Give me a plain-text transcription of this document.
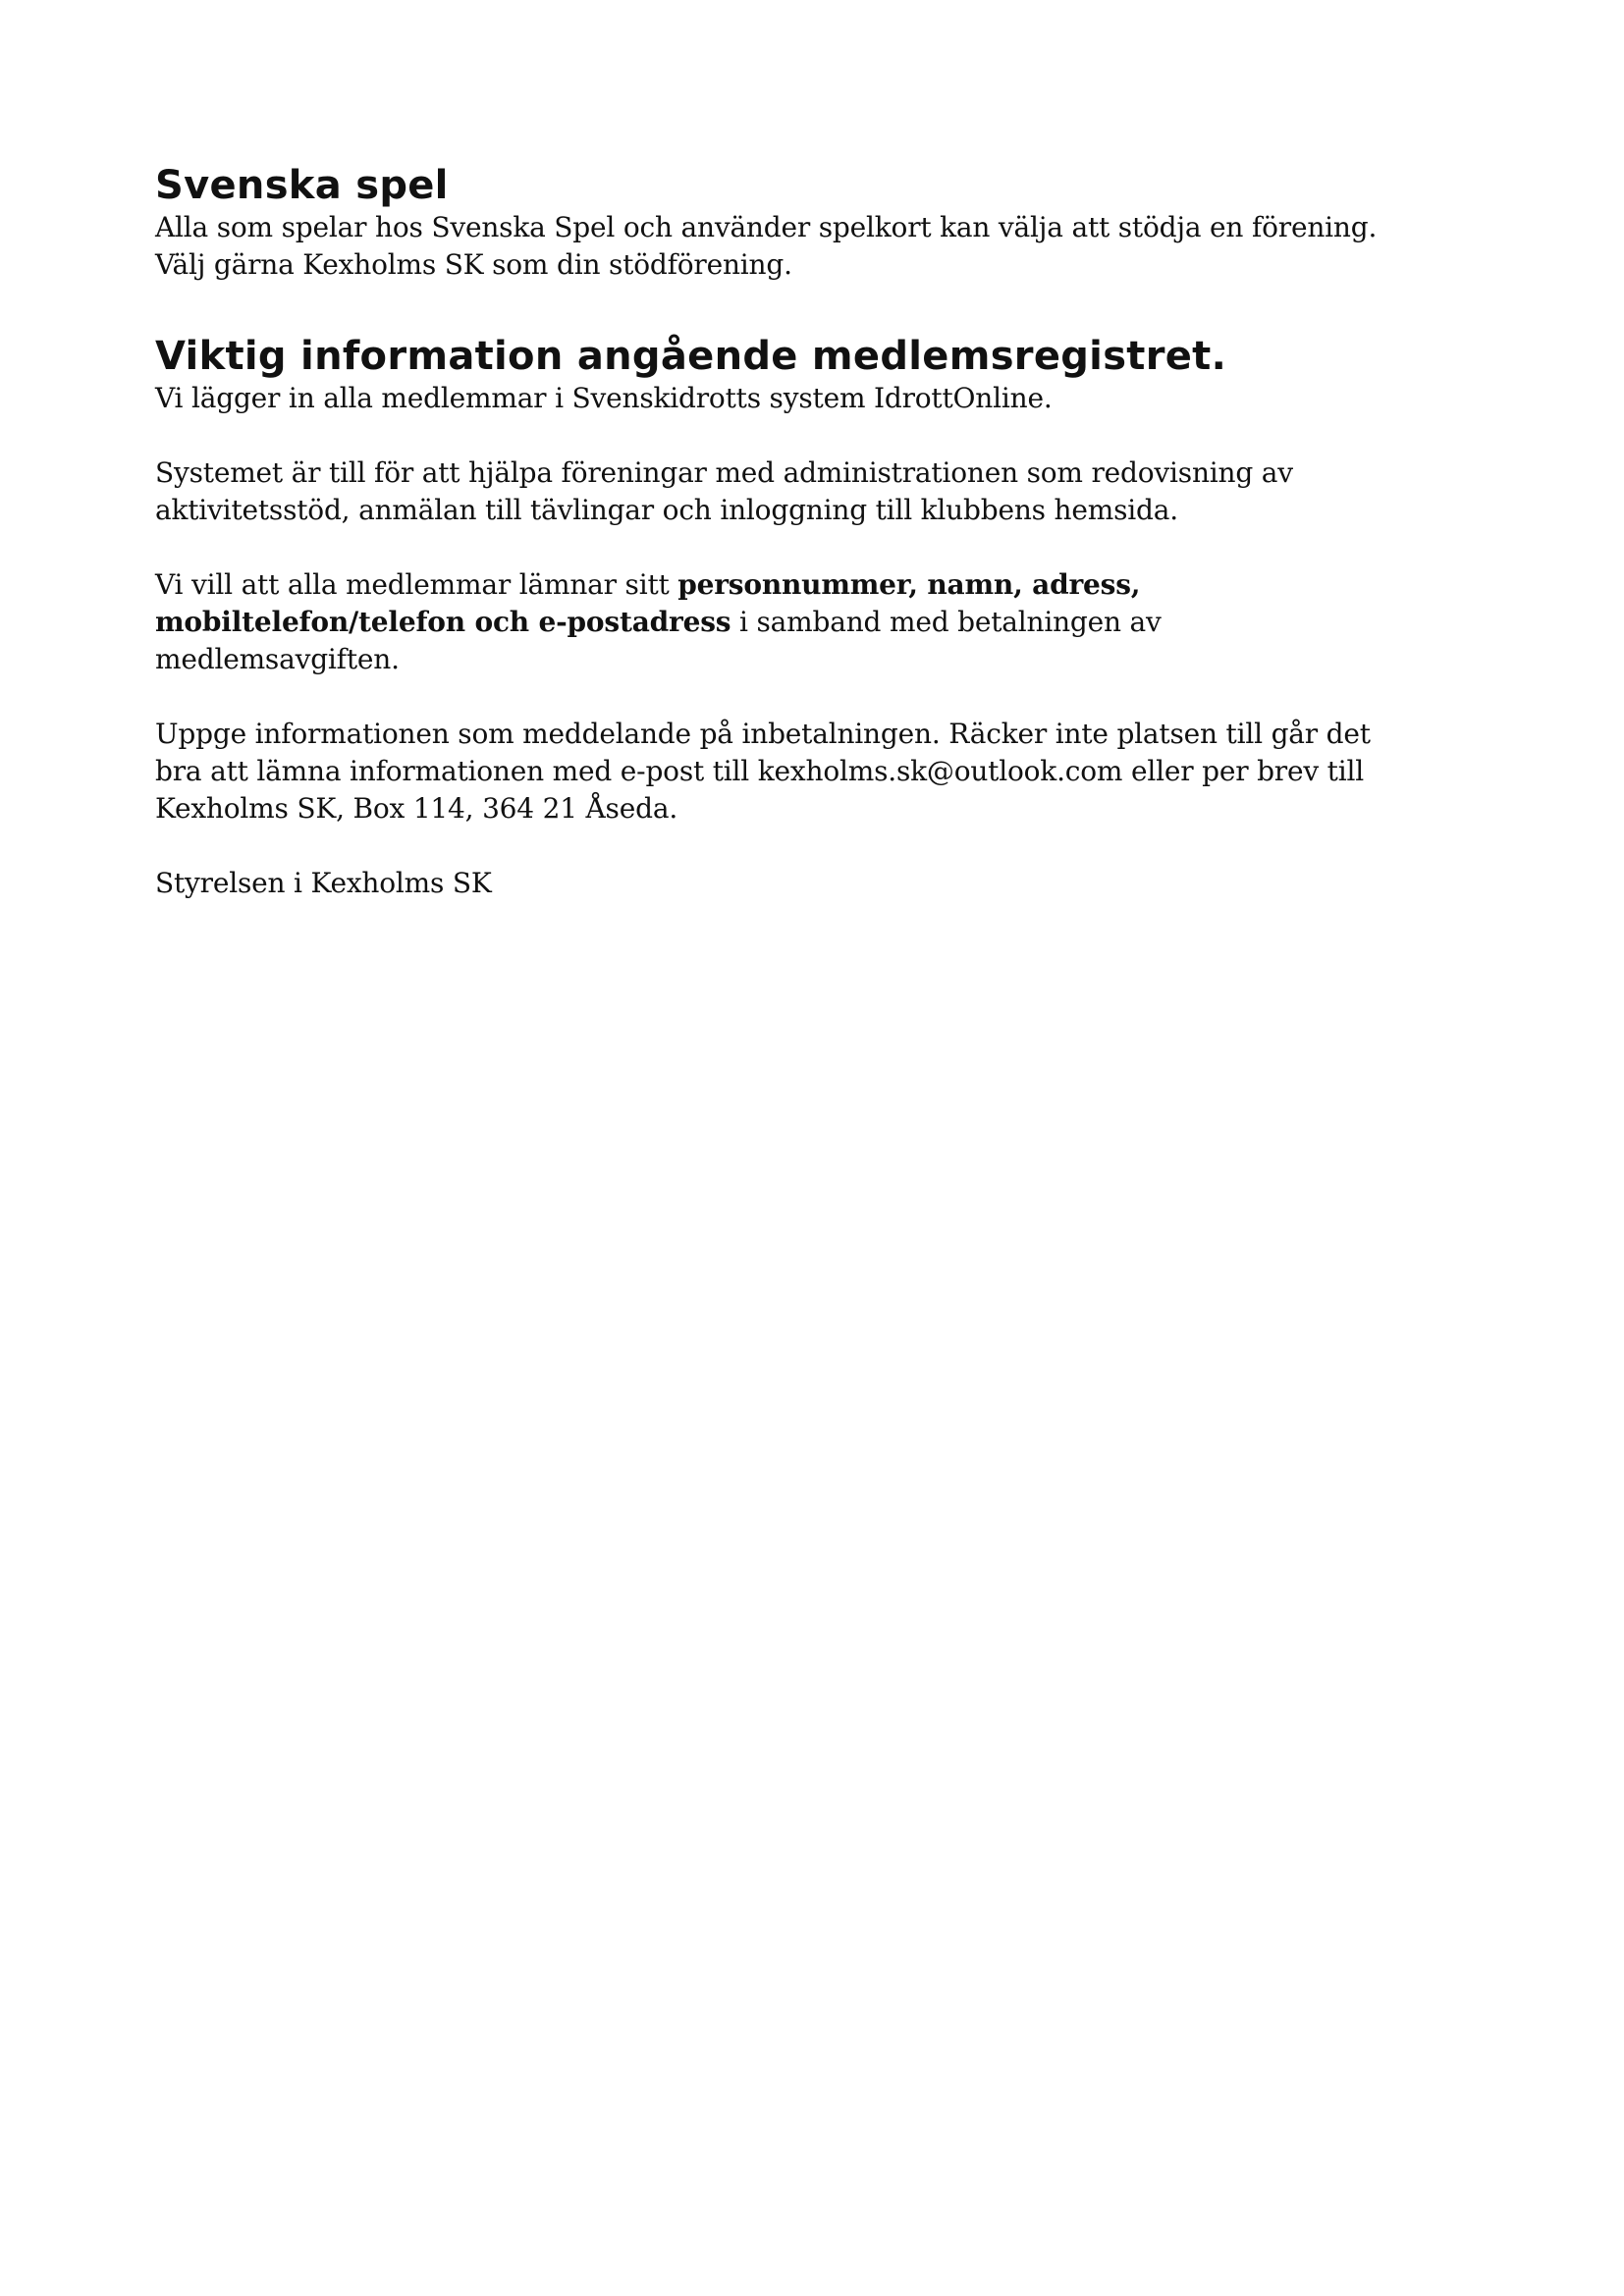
Svenska spel

Alla som spelar hos Svenska Spel och använder spelkort kan välja att stödja en förening.
Välj gärna Kexholms SK som din stödförening.

Viktig information angående medlemsregistret.

Vi lägger in alla medlemmar i Svenskidrotts system IdrottOnline.

Systemet är till för att hjälpa föreningar med administrationen som redovisning av
aktivitetsstöd, anmälan till tävlingar och inloggning till klubbens hemsida.

Vi vill att alla medlemmar lämnar sitt personnummer, namn, adress,
mobiltelefon/telefon och e-postadress i samband med betalningen av
medlemsavgiften.

Uppge informationen som meddelande på inbetalningen. Räcker inte platsen till går det
bra att lämna informationen med e-post till kexholms.sk@outlook.com eller per brev till
Kexholms SK, Box 114, 364 21 Åseda.

Styrelsen i Kexholms SK
